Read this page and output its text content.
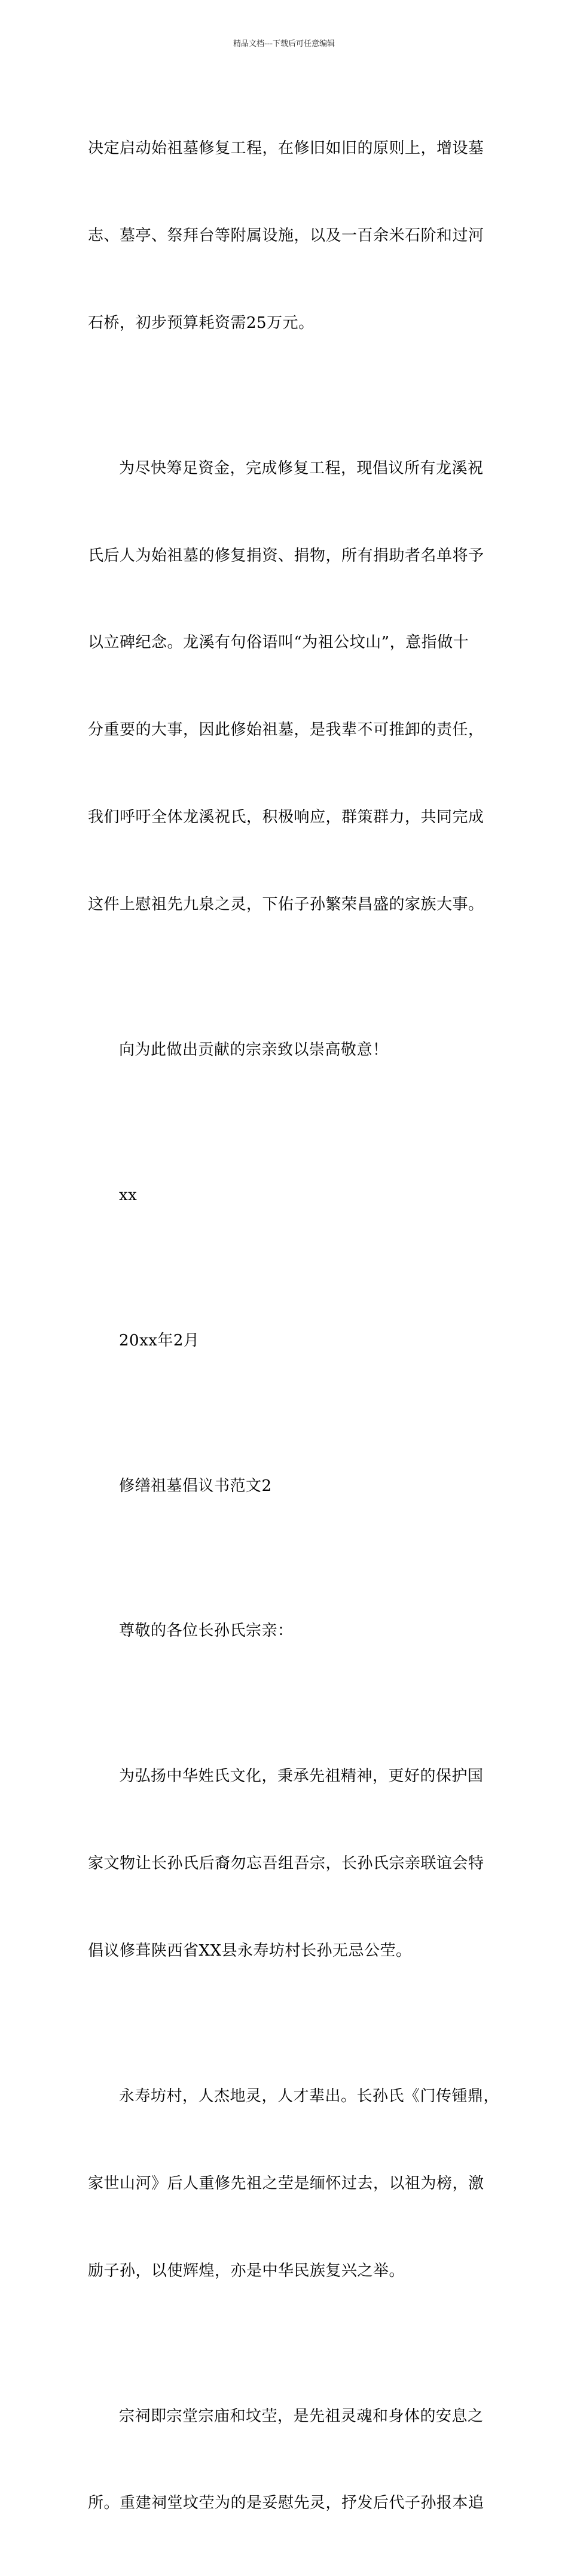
精品文档---下载后可任意编辑

决定启动始祖墓修复工程，在修旧如旧的原则上，增设墓

志、墓亭、祭拜台等附属设施，以及一百余米石阶和过河

石桥，初步预算耗资需25万元。

为尽快筹足资金，完成修复工程，现倡议所有龙溪祝

氏后人为始祖墓的修复捐资、捐物，所有捐助者名单将予

以立碑纪念。龙溪有句俗语叫“为祖公坟山”，意指做十

分重要的大事，因此修始祖墓，是我辈不可推卸的责任，

我们呼吁全体龙溪祝氏，积极响应，群策群力，共同完成

这件上慰祖先九泉之灵，下佑子孙繁荣昌盛的家族大事。

向为此做出贡献的宗亲致以崇高敬意！

xx

20xx年2月

修缮祖墓倡议书范文2

尊敬的各位长孙氏宗亲：

为弘扬中华姓氏文化，秉承先祖精神，更好的保护国

家文物让长孙氏后裔勿忘吾组吾宗，长孙氏宗亲联谊会特

倡议修葺陕西省XX县永寿坊村长孙无忌公茔。

永寿坊村，人杰地灵，人才辈出。长孙氏《门传锺鼎，

家世山河》后人重修先祖之茔是缅怀过去，以祖为榜，激

励子孙，以使辉煌，亦是中华民族复兴之举。

宗祠即宗堂宗庙和坟茔，是先祖灵魂和身体的安息之

所。重建祠堂坟茔为的是妥慰先灵，抒发后代子孙报本追
